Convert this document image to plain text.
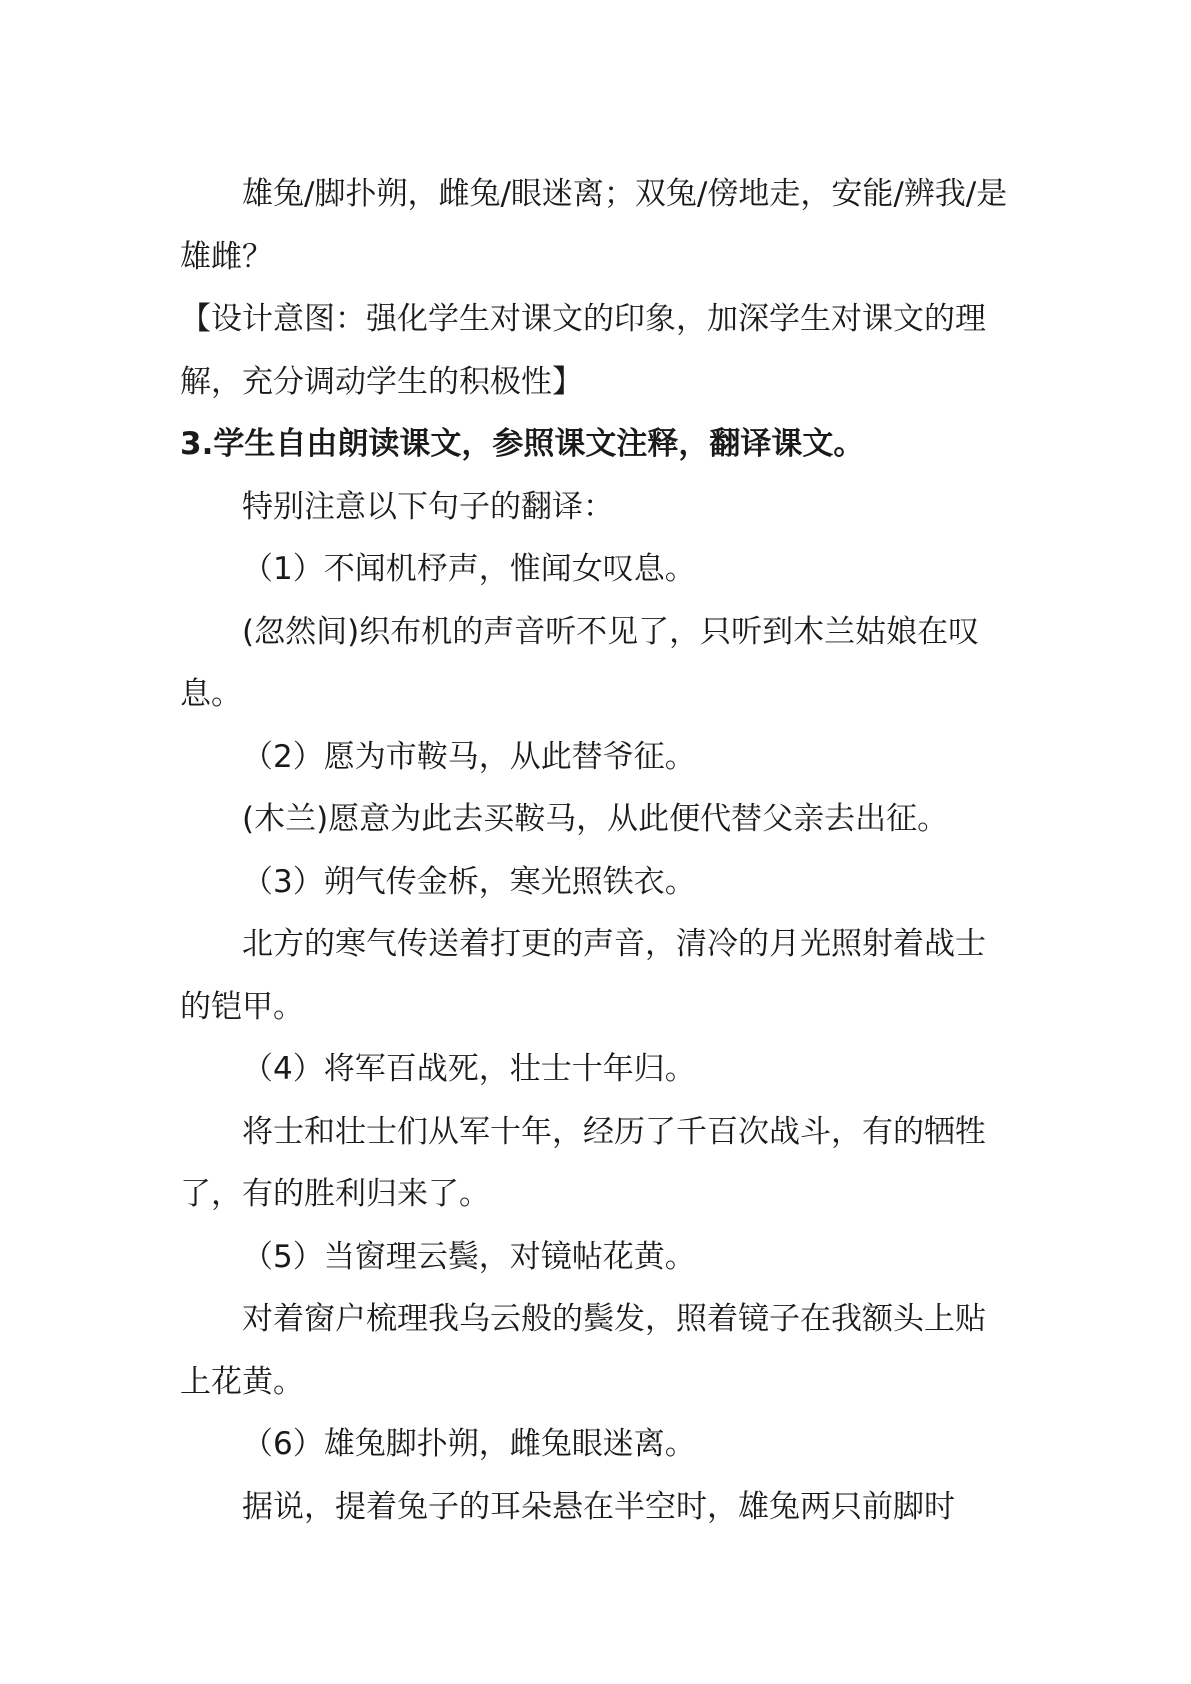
雄兔/脚扑朔，雌兔/眼迷离；双兔/傍地走，安能/辨我/是雄雌？

【设计意图：强化学生对课文的印象，加深学生对课文的理解，充分调动学生的积极性】

3.学生自由朗读课文，参照课文注释，翻译课文。

特别注意以下句子的翻译：

（1）不闻机杼声，惟闻女叹息。

(忽然间)织布机的声音听不见了，只听到木兰姑娘在叹息。

（2）愿为市鞍马，从此替爷征。

(木兰)愿意为此去买鞍马，从此便代替父亲去出征。

（3）朔气传金柝，寒光照铁衣。

北方的寒气传送着打更的声音，清冷的月光照射着战士的铠甲。

（4）将军百战死，壮士十年归。

将士和壮士们从军十年，经历了千百次战斗，有的牺牲了，有的胜利归来了。

（5）当窗理云鬓，对镜帖花黄。

对着窗户梳理我乌云般的鬓发，照着镜子在我额头上贴上花黄。

（6）雄兔脚扑朔，雌兔眼迷离。

据说，提着兔子的耳朵悬在半空时，雄兔两只前脚时
